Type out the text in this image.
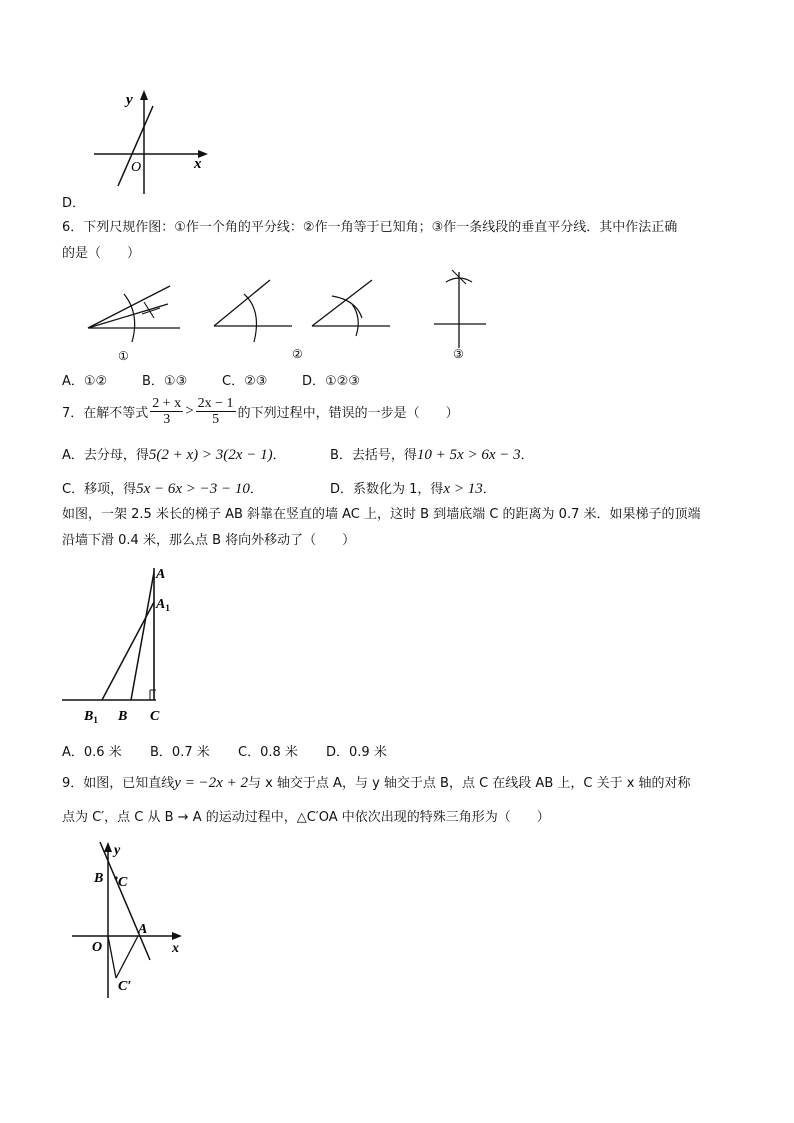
y
x
O
D．
6．下列尺规作图：①作一个角的平分线：②作一角等于已知角；③作一条线段的垂直平分线．其中作法正确
的是（　　）
①	②	③
A．①②	B．①③	C．②③	D．①②③
7．在解不等式 $\frac{2 + x}{3} > \frac{2x - 1}{5}$ 的下列过程中，错误的一步是（　　）
A．去分母，得5(2 + x) > 3(2x − 1)．	B．去括号，得10 + 5x > 6x − 3．
C．移项，得5x − 6x > −3 − 10．	D．系数化为 1，得x > 13．
如图，一架 2.5 米长的梯子 AB 斜靠在竖直的墙 AC 上，这时 B 到墙底端 C 的距离为 0.7 米．如果梯子的顶端
沿墙下滑 0.4 米，那么点 B 将向外移动了（　　）
A
$A_1$
$B_1$ B C
A．0.6 米 B．0.7 米 C．0.8 米 D．0.9 米
9．如图，已知直线y = −2x + 2与 x 轴交于点 A，与 y 轴交于点 B，点 C 在线段 AB 上，C 关于 x 轴的对称
点为 C′，点 C 从 B → A 的运动过程中，△C′OA 中依次出现的特殊三角形为（　　）
y
x
B C
O
A
C′
